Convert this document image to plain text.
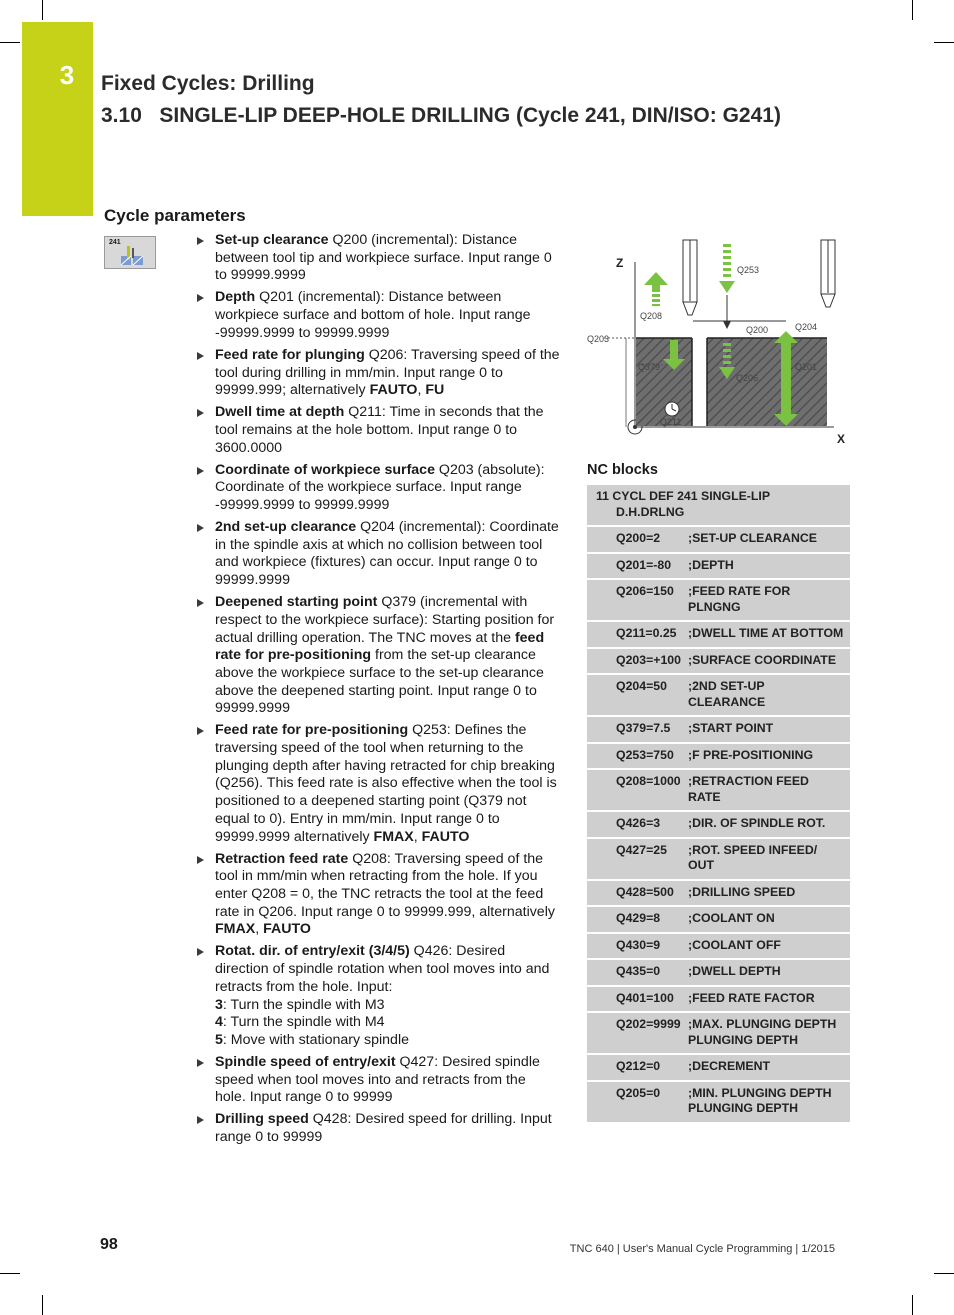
3	Fixed Cycles: Drilling
3.10 SINGLE-LIP DEEP-HOLE DRILLING (Cycle 241, DIN/ISO: G241)
Cycle parameters
241	Set-up clearance Q200 (incremental): Distance between tool tip and workpiece surface. Input range 0 to 99999.9999
Depth Q201 (incremental): Distance between workpiece surface and bottom of hole. Input range -99999.9999 to 99999.9999
Feed rate for plunging Q206: Traversing speed of the tool during drilling in mm/min. Input range 0 to 99999.999; alternatively FAUTO, FU
Dwell time at depth Q211: Time in seconds that the tool remains at the hole bottom. Input range 0 to 3600.0000
Coordinate of workpiece surface Q203 (absolute): Coordinate of the workpiece surface. Input range -99999.9999 to 99999.9999
2nd set-up clearance Q204 (incremental): Coordinate in the spindle axis at which no collision between tool and workpiece (fixtures) can occur. Input range 0 to 99999.9999
Deepened starting point Q379 (incremental with respect to the workpiece surface): Starting position for actual drilling operation. The TNC moves at the feed rate for pre-positioning from the set-up clearance above the workpiece surface to the set-up clearance above the deepened starting point. Input range 0 to 99999.9999
Feed rate for pre-positioning Q253: Defines the traversing speed of the tool when returning to the plunging depth after having retracted for chip breaking (Q256). This feed rate is also effective when the tool is positioned to a deepened starting point (Q379 not equal to 0). Entry in mm/min. Input range 0 to 99999.9999 alternatively FMAX, FAUTO
Retraction feed rate Q208: Traversing speed of the tool in mm/min when retracting from the hole. If you enter Q208 = 0, the TNC retracts the tool at the feed rate in Q206. Input range 0 to 99999.999, alternatively FMAX, FAUTO
Rotat. dir. of entry/exit (3/4/5) Q426: Desired direction of spindle rotation when tool moves into and retracts from the hole. Input:
3: Turn the spindle with M3
4: Turn the spindle with M4
5: Move with stationary spindle
Spindle speed of entry/exit Q427: Desired spindle speed when tool moves into and retracts from the hole. Input range 0 to 99999
Drilling speed Q428: Desired speed for drilling. Input range 0 to 99999
Z
X
Q253
Q208
Q200	Q204
Q203
Q379
Q206
Q201
Q211
NC blocks
11 CYCL DEF 241 SINGLE-LIP
D.H.DRLNG
Q200=2	;SET-UP CLEARANCE
Q201=-80	;DEPTH
Q206=150	;FEED RATE FOR PLNGNG
Q211=0.25 ;DWELL TIME AT BOTTOM
Q203=+100 ;SURFACE COORDINATE
Q204=50	;2ND SET-UP CLEARANCE
Q379=7.5	;START POINT
Q253=750	;F PRE-POSITIONING
Q208=1000 ;RETRACTION FEED RATE
Q426=3	;DIR. OF SPINDLE ROT.
Q427=25	;ROT. SPEED INFEED/ OUT
Q428=500	;DRILLING SPEED
Q429=8	;COOLANT ON
Q430=9	;COOLANT OFF
Q435=0	;DWELL DEPTH
Q401=100	;FEED RATE FACTOR
Q202=9999 ;MAX. PLUNGING DEPTH PLUNGING DEPTH
Q212=0	;DECREMENT
Q205=0	;MIN. PLUNGING DEPTH PLUNGING DEPTH
98	TNC 640 | User's Manual Cycle Programming | 1/2015
